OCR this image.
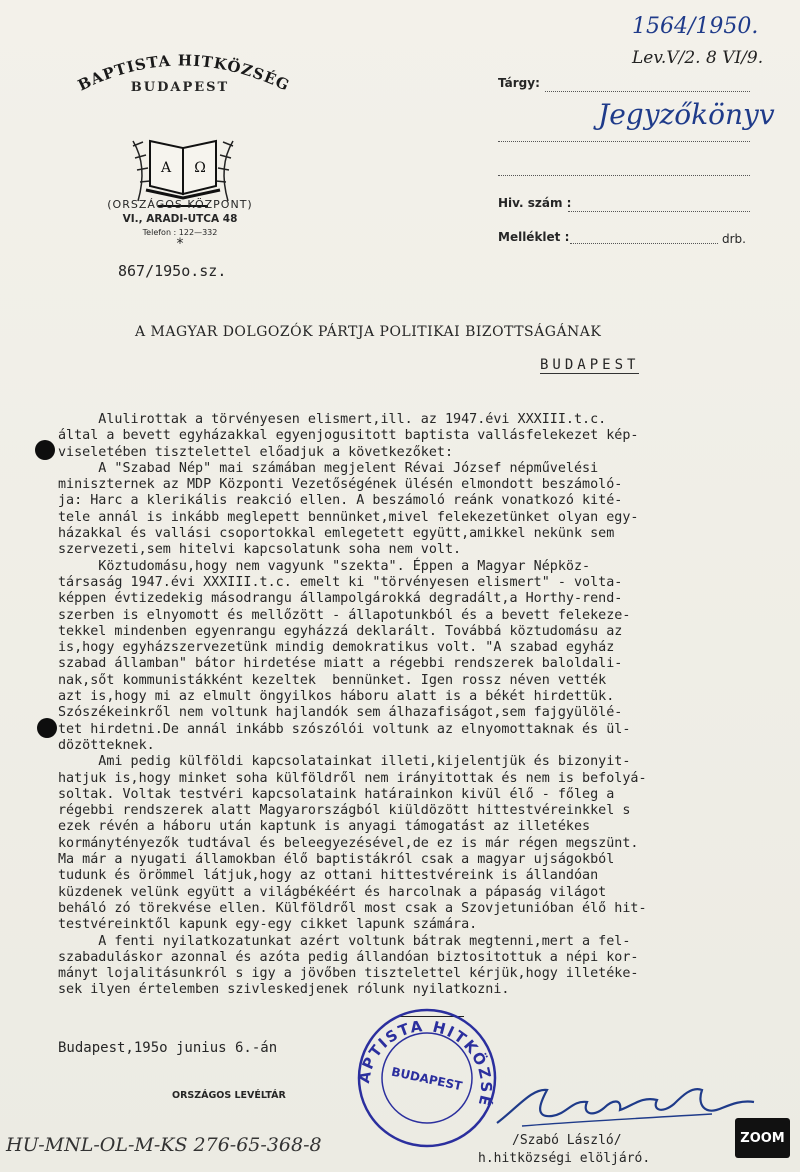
BAPTISTA HITKÖZSÉG
BUDAPEST
Α Ω
(ORSZÁGOS KÖZPONT)
VI., ARADI-UTCA 48
Telefon : 122—332
*
867/195o.sz.
1564/1950.
Lev.V/2. 8 VI/9.
Tárgy:
Jegyzőkönyv
Hiv. szám :
Melléklet :	drb.
A MAGYAR DOLGOZÓK PÁRTJA POLITIKAI BIZOTTSÁGÁNAK
BUDAPEST
Alulirottak a törvényesen elismert,ill. az 1947.évi XXXIII.t.c.
által a bevett egyházakkal egyenjogusitott baptista vallásfelekezet kép-
viseletében tisztelettel előadjuk a következőket:
A "Szabad Nép" mai számában megjelent Révai József népművelési
miniszternek az MDP Központi Vezetőségének ülésén elmondott beszámoló-
ja: Harc a klerikális reakció ellen. A beszámoló reánk vonatkozó kité-
tele annál is inkább meglepett bennünket,mivel felekezetünket olyan egy-
házakkal és vallási csoportokkal emlegetett együtt,amikkel nekünk sem
szervezeti,sem hitelvi kapcsolatunk soha nem volt.
Köztudomásu,hogy nem vagyunk "szekta". Éppen a Magyar Népköz-
társaság 1947.évi XXXIII.t.c. emelt ki "törvényesen elismert" - volta-
képpen évtizedekig másodrangu állampolgárokká degradált,a Horthy-rend-
szerben is elnyomott és mellőzött - állapotunkból és a bevett felekeze-
tekkel mindenben egyenrangu egyházzá deklarált. Továbbá köztudomásu az
is,hogy egyházszervezetünk mindig demokratikus volt. "A szabad egyház
szabad államban" bátor hirdetése miatt a régebbi rendszerek baloldali-
nak,sőt kommunistákként kezeltek  bennünket. Igen rossz néven vették
azt is,hogy mi az elmult öngyilkos háboru alatt is a békét hirdettük.
Szószékeinkről nem voltunk hajlandók sem álhazafiságot,sem fajgyülölé-
tet hirdetni.De annál inkább szószólói voltunk az elnyomottaknak és ül-
dözötteknek.
Ami pedig külföldi kapcsolatainkat illeti,kijelentjük és bizonyit-
hatjuk is,hogy minket soha külföldről nem irányitottak és nem is befolyá-
soltak. Voltak testvéri kapcsolataink határainkon kivül élő - főleg a
régebbi rendszerek alatt Magyarországból kiüldözött hittestvéreinkkel s
ezek révén a háboru után kaptunk is anyagi támogatást az illetékes
kormánytényezők tudtával és beleegyezésével,de ez is már régen megszünt.
Ma már a nyugati államokban élő baptistákról csak a magyar ujságokból
tudunk és örömmel látjuk,hogy az ottani hittestvéreink is állandóan
küzdenek velünk együtt a világbékéért és harcolnak a pápaság világot
beháló zó törekvése ellen. Külföldről most csak a Szovjetunióban élő hit-
testvéreinktől kapunk egy-egy cikket lapunk számára.
A fenti nyilatkozatunkat azért voltunk bátrak megtenni,mert a fel-
szabaduláskor azonnal és azóta pedig állandóan biztositottuk a népi kor-
mányt lojalitásunkról s igy a jövőben tisztelettel kérjük,hogy illetéke-
sek ilyen értelemben szivleskedjenek rólunk nyilatkozni.
Budapest,195o junius 6.-án
ORSZÁGOS LEVÉLTÁR
BAPTISTA HITKÖZSÉG
BUDAPEST
/Szabó László/
h.hitközségi elöljáró.
HU-MNL-OL-M-KS 276-65-368-8	ZOOM
